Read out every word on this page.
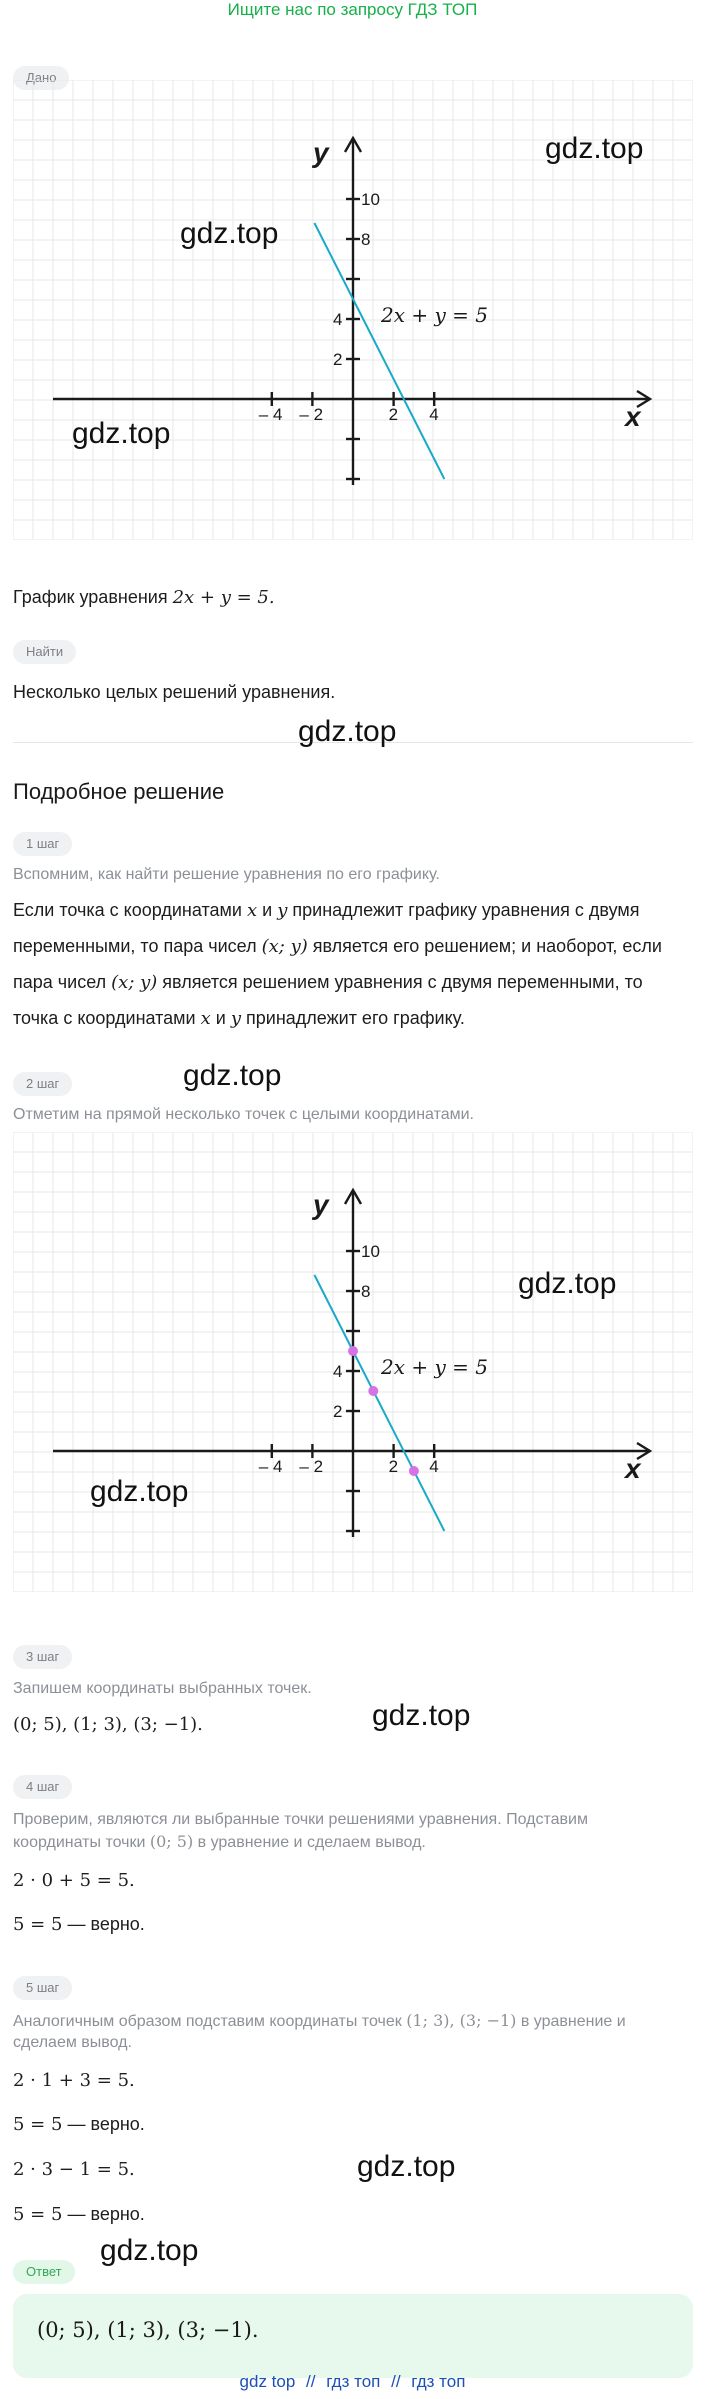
Ищите нас по запросу ГДЗ ТОП
Дано
– 4 – 2	2 4
2
4
8
10
x
y
2x + y = 5
График уравнения 2x + y = 5.
Найти
Несколько целых решений уравнения.
Подробное решение
1 шаг
Вспомним, как найти решение уравнения по его графику.
Если точка с координатами x и y принадлежит графику уравнения с двумя
переменными, то пара чисел (x; y) является его решением; и наоборот, если
пара чисел (x; y) является решением уравнения с двумя переменными, то
точка с координатами x и y принадлежит его графику.
2 шаг
Отметим на прямой несколько точек с целыми координатами.
– 4 – 2	2 4
2
4
8
10
x
y
2x + y = 5
3 шаг
Запишем координаты выбранных точек.
(0; 5), (1; 3), (3; −1).
4 шаг
Проверим, являются ли выбранные точки решениями уравнения. Подставим
координаты точки (0; 5) в уравнение и сделаем вывод.
2 · 0 + 5 = 5.
5 = 5 — верно.
5 шаг
Аналогичным образом подставим координаты точек (1; 3), (3; −1) в уравнение и
сделаем вывод.
2 · 1 + 3 = 5.
5 = 5 — верно.
2 · 3 − 1 = 5.
5 = 5 — верно.
Ответ
(0; 5), (1; 3), (3; −1).
gdz top // гдз топ // гдз топ
gdz.top
gdz.top
gdz.top
gdz.top
gdz.top
gdz.top
gdz.top
gdz.top
gdz.top
gdz.top
